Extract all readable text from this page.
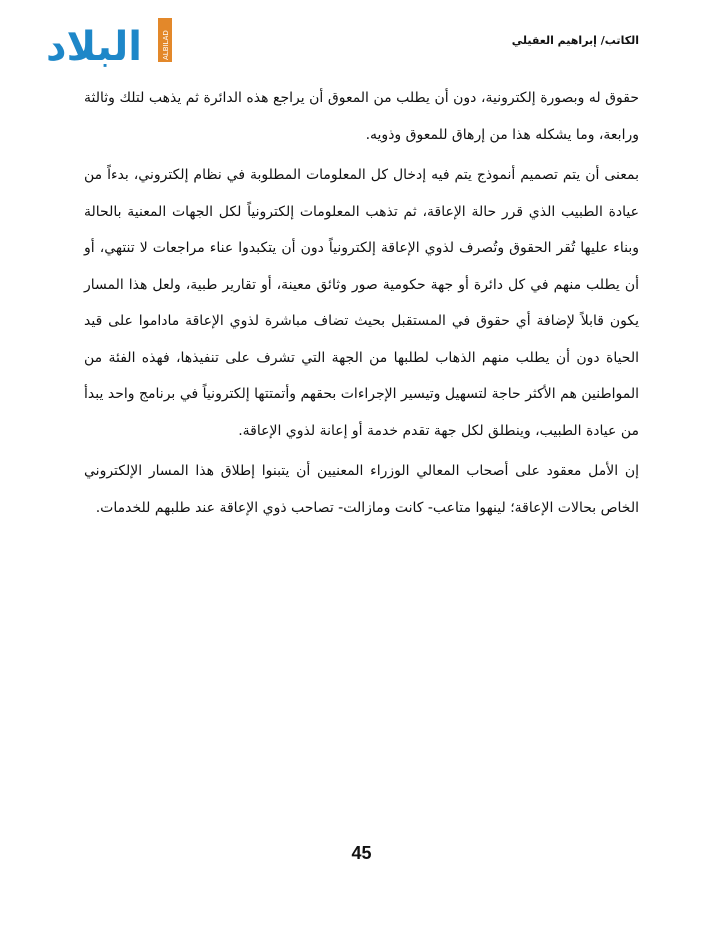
البلاد	ALBILAD	الكاتب/ إبراهيم العقيلي

حقوق له وبصورة إلكترونية، دون أن يطلب من المعوق أن يراجع هذه الدائرة ثم يذهب لتلك وثالثة ورابعة، وما يشكله هذا من إرهاق للمعوق وذويه.

بمعنى أن يتم تصميم أنموذج يتم فيه إدخال كل المعلومات المطلوبة في نظام إلكتروني، بدءاً من عيادة الطبيب الذي قرر حالة الإعاقة، ثم تذهب المعلومات إلكترونياً لكل الجهات المعنية بالحالة وبناء عليها تُقر الحقوق وتُصرف لذوي الإعاقة إلكترونياً دون أن يتكبدوا عناء مراجعات لا تنتهي، أو أن يطلب منهم في كل دائرة أو جهة حكومية صور وثائق معينة، أو تقارير طبية، ولعل هذا المسار يكون قابلاً لإضافة أي حقوق في المستقبل بحيث تضاف مباشرة لذوي الإعاقة ماداموا على قيد الحياة دون أن يطلب منهم الذهاب لطلبها من الجهة التي تشرف على تنفيذها، فهذه الفئة من المواطنين هم الأكثر حاجة لتسهيل وتيسير الإجراءات بحقهم وأتمتتها إلكترونياً في برنامج واحد يبدأ من عيادة الطبيب، وينطلق لكل جهة تقدم خدمة أو إعانة لذوي الإعاقة.

إن الأمل معقود على أصحاب المعالي الوزراء المعنيين أن يتبنوا إطلاق هذا المسار الإلكتروني الخاص بحالات الإعاقة؛ لينهوا متاعب- كانت ومازالت- تصاحب ذوي الإعاقة عند طلبهم للخدمات.

45
